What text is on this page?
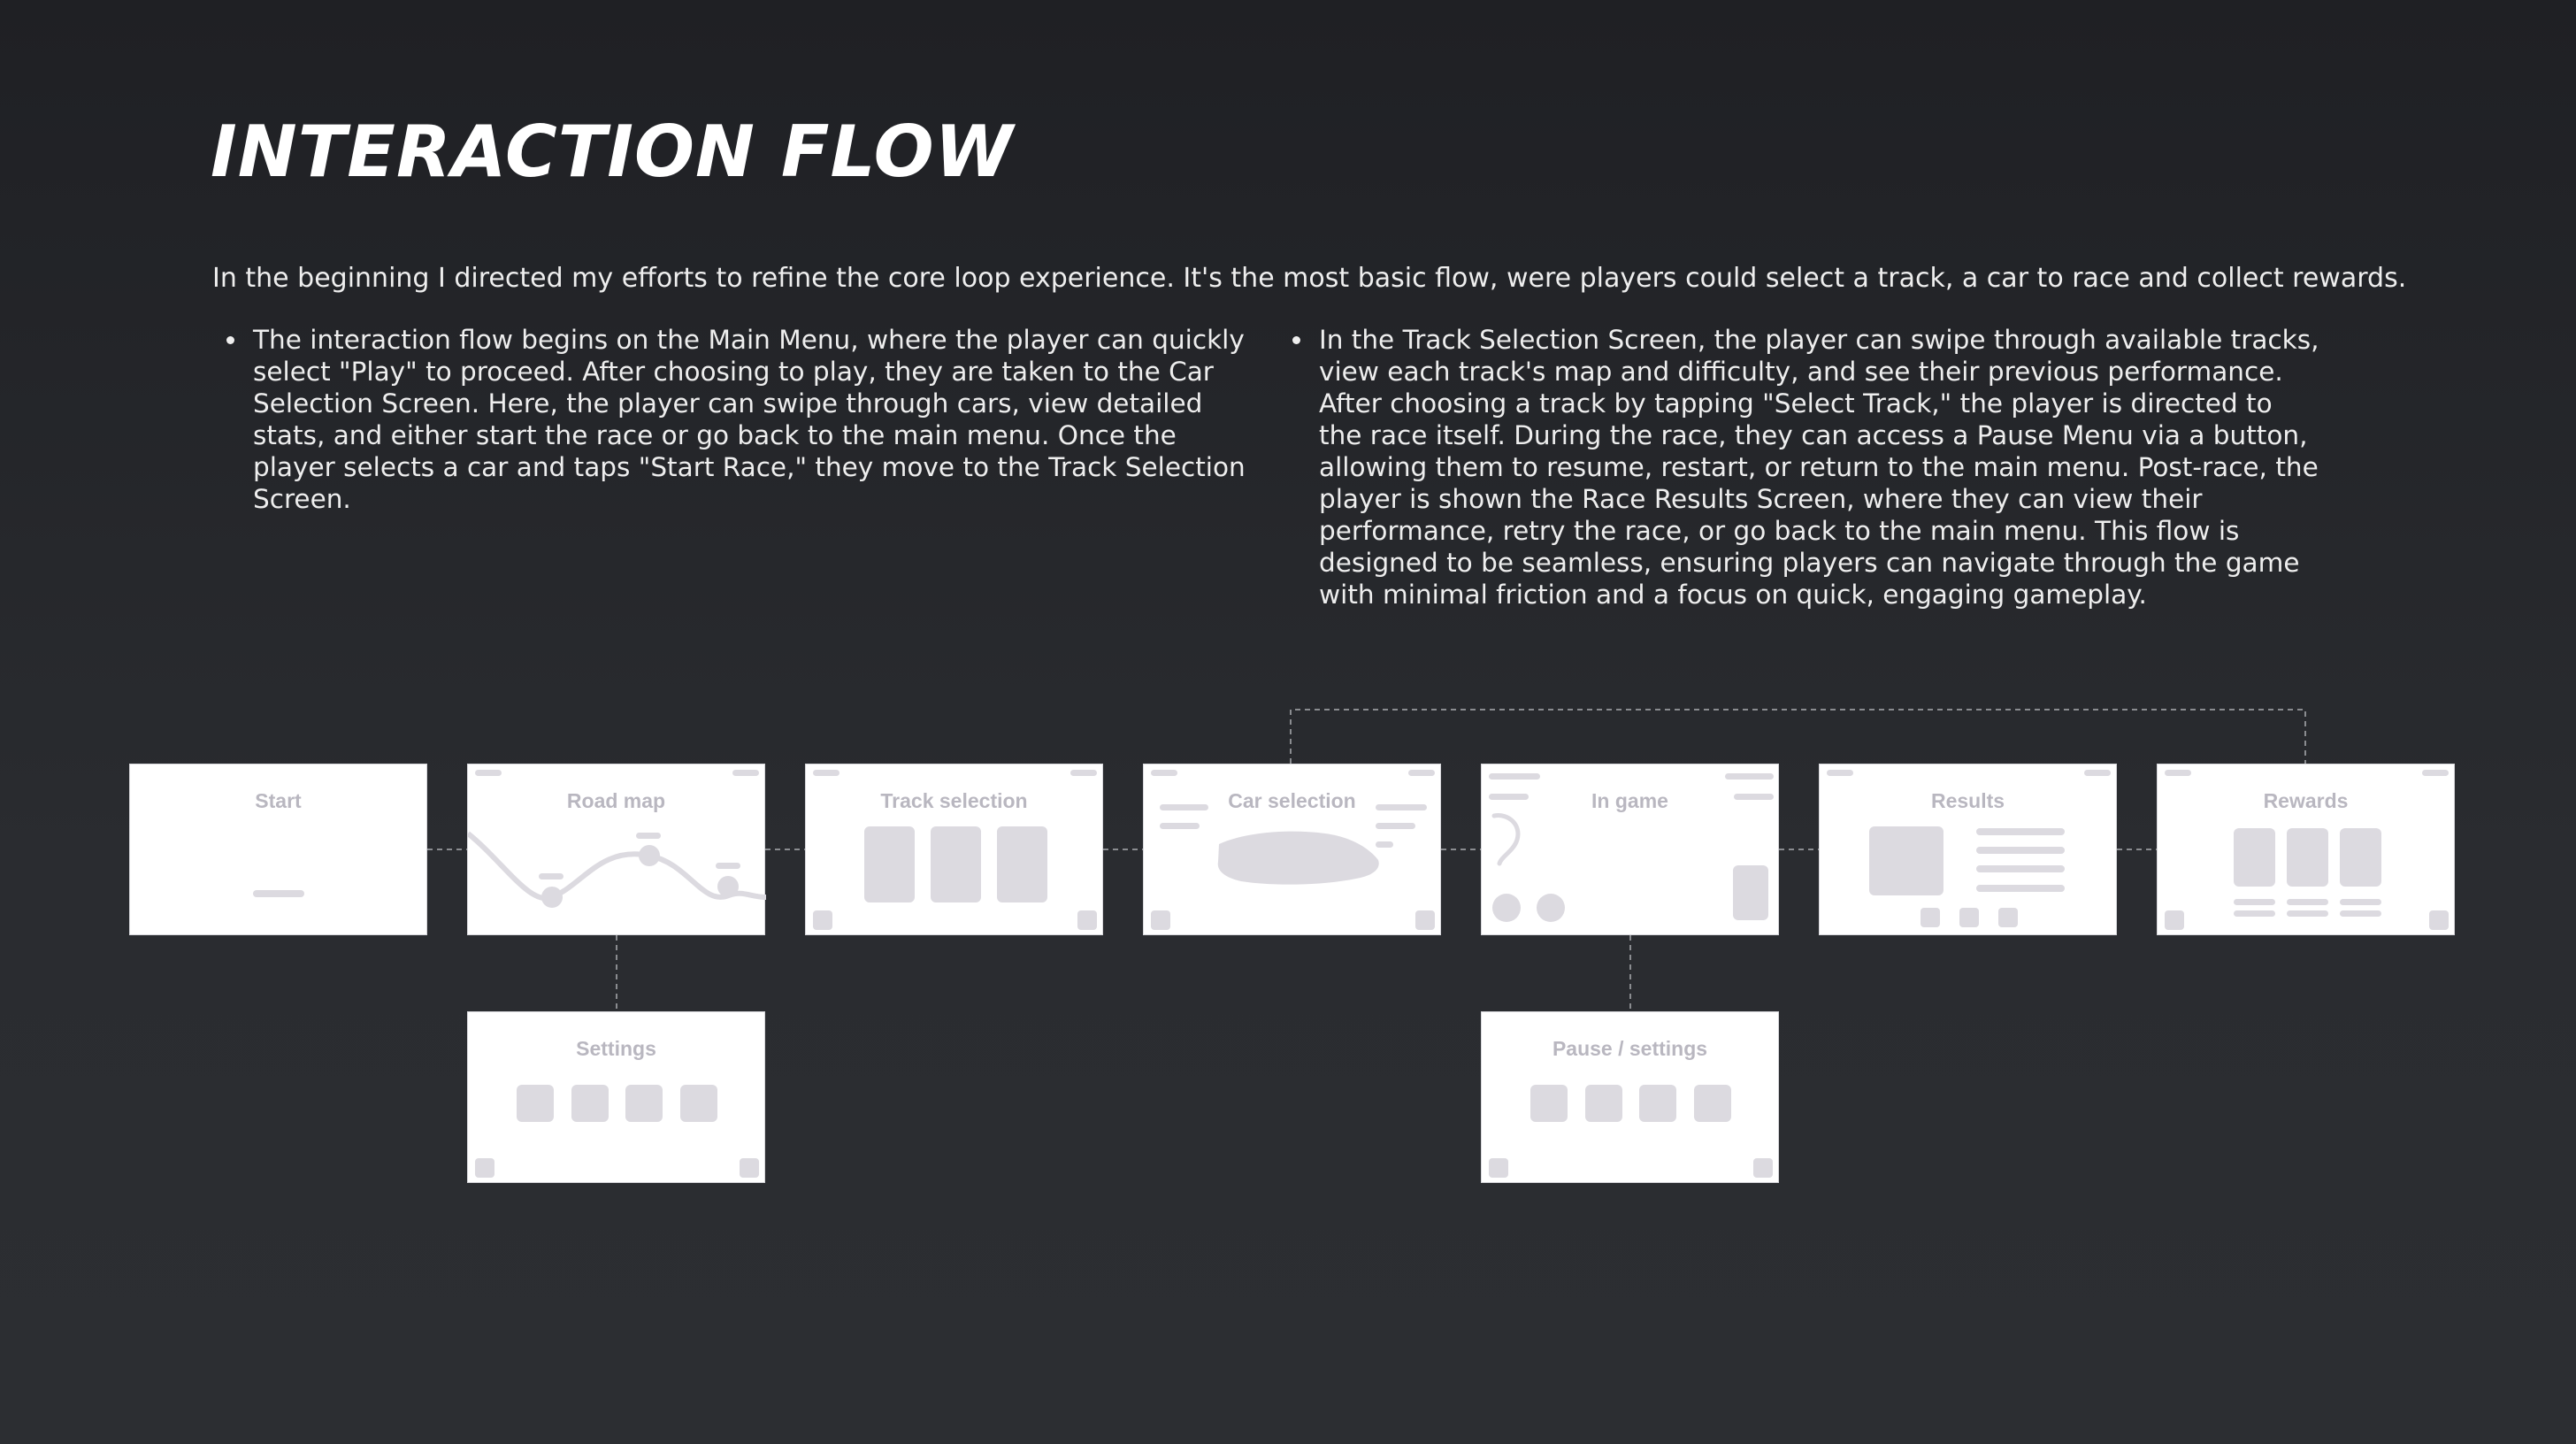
INTERACTION FLOW

In the beginning I directed my efforts to refine the core loop experience. It's the most basic flow, were players could select a track, a car to race and collect rewards.

The interaction flow begins on the Main Menu, where the player can quickly select "Play" to proceed. After choosing to play, they are taken to the Car Selection Screen. Here, the player can swipe through cars, view detailed stats, and either start the race or go back to the main menu. Once the player selects a car and taps "Start Race," they move to the Track Selection Screen.
In the Track Selection Screen, the player can swipe through available tracks, view each track's map and difficulty, and see their previous performance. After choosing a track by tapping "Select Track," the player is directed to the race itself. During the race, they can access a Pause Menu via a button, allowing them to resume, restart, or return to the main menu. Post-race, the player is shown the Race Results Screen, where they can view their performance, retry the race, or go back to the main menu. This flow is designed to be seamless, ensuring players can navigate through the game with minimal friction and a focus on quick, engaging gameplay.
Start	Road map	Track selection	Car selection	In game	Results	Rewards
Settings	Pause / settings
